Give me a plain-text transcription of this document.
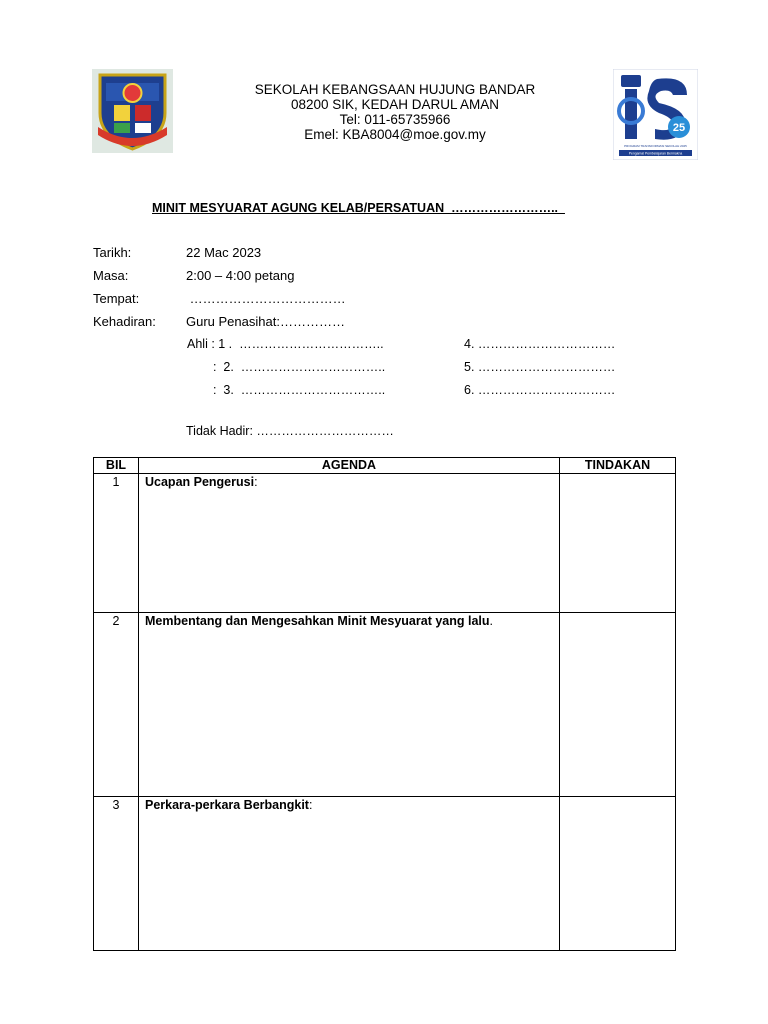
SEKOLAH KEBANGSAAN HUJUNG BANDAR
08200 SIK, KEDAH DARUL AMAN
Tel: 011-65735966
Emel: KBA8004@moe.gov.my	25
PROGRAM TRANSFORMASI SEKOLAH 2025
Pengamal Pembelajaran Bermakna
MINIT MESYUARAT AGUNG KELAB/PERSATUAN  ……………………..
Tarikh:	22 Mac 2023
Masa:	2:00 – 4:00 petang
Tempat:	………………………………
Kehadiran: Guru Penasihat:……………
Ahli : 1 .  ……………………………..
:  2.  ……………………………..
:  3.  ……………………………..
4. ……………………………
5. ……………………………
6. ……………………………
Tidak Hadir: ……………………………
BIL	AGENDA	TINDAKAN
1	Ucapan Pengerusi:	
2	Membentang dan Mengesahkan Minit Mesyuarat yang lalu.	
3	Perkara-perkara Berbangkit:	
